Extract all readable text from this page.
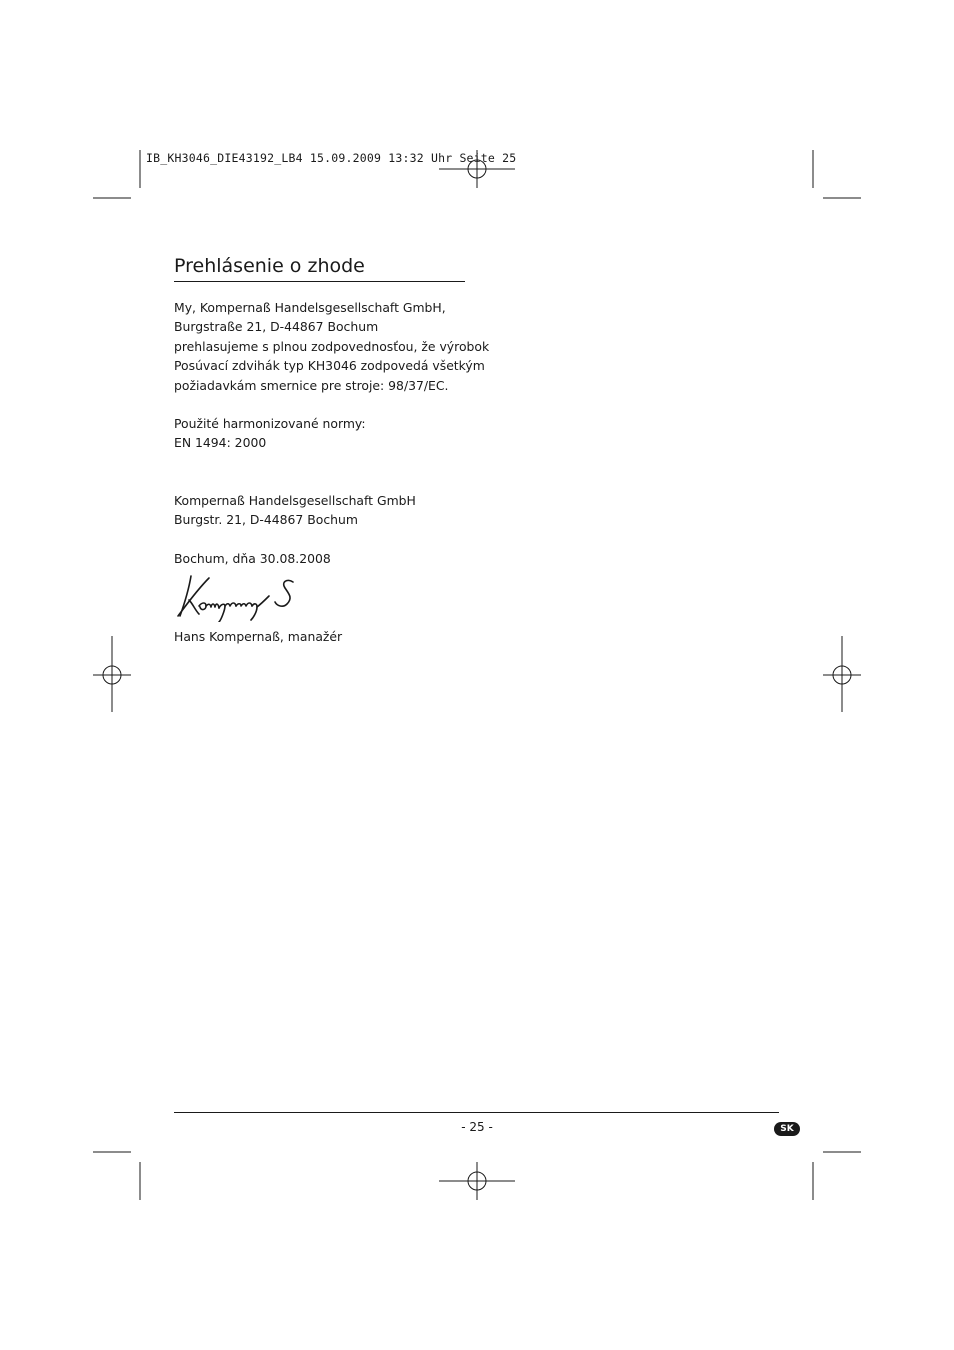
IB_KH3046_DIE43192_LB4 15.09.2009 13:32 Uhr Seite 25
Prehlásenie o zhode
My, Kompernaß Handelsgesellschaft GmbH,
Burgstraße 21, D-44867 Bochum
prehlasujeme s plnou zodpovednosťou, že výrobok
Posúvací zdvihák typ KH3046 zodpovedá všetkým
požiadavkám smernice pre stroje: 98/37/EC.
Použité harmonizované normy:
EN 1494: 2000
Kompernaß Handelsgesellschaft GmbH
Burgstr. 21, D-44867 Bochum
Bochum, dňa 30.08.2008
Hans Kompernaß, manažér
- 25 -	SK
